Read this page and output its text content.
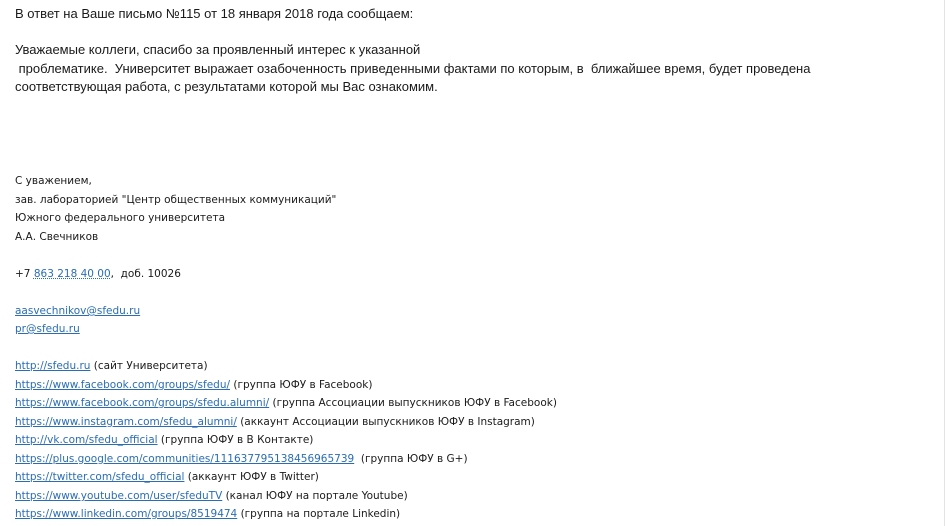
В ответ на Ваше письмо №115 от 18 января 2018 года сообщаем:
Уважаемые коллеги, спасибо за проявленный интерес к указанной
проблематике.  Университет выражает озабоченность приведенными фактами по которым, в  ближайшее время, будет проведена
соответствующая работа, с результатами которой мы Вас ознакомим.
С уважением,
зав. лабораторией "Центр общественных коммуникаций"
Южного федерального университета
А.А. Свечников
+7 863 218 40 00,  доб. 10026
aasvechnikov@sfedu.ru
pr@sfedu.ru
http://sfedu.ru (сайт Университета)
https://www.facebook.com/groups/sfedu/ (группа ЮФУ в Facebook)
https://www.facebook.com/groups/sfedu.alumni/ (группа Ассоциации выпускников ЮФУ в Facebook)
https://www.instagram.com/sfedu_alumni/ (аккаунт Ассоциации выпускников ЮФУ в Instagram)
http://vk.com/sfedu_official (группа ЮФУ в В Контакте)
https://plus.google.com/communities/111637795138456965739  (группа ЮФУ в G+)
https://twitter.com/sfedu_official (аккаунт ЮФУ в Twitter)
https://www.youtube.com/user/sfeduTV (канал ЮФУ на портале Youtube)
https://www.linkedin.com/groups/8519474 (группа на портале Linkedin)
